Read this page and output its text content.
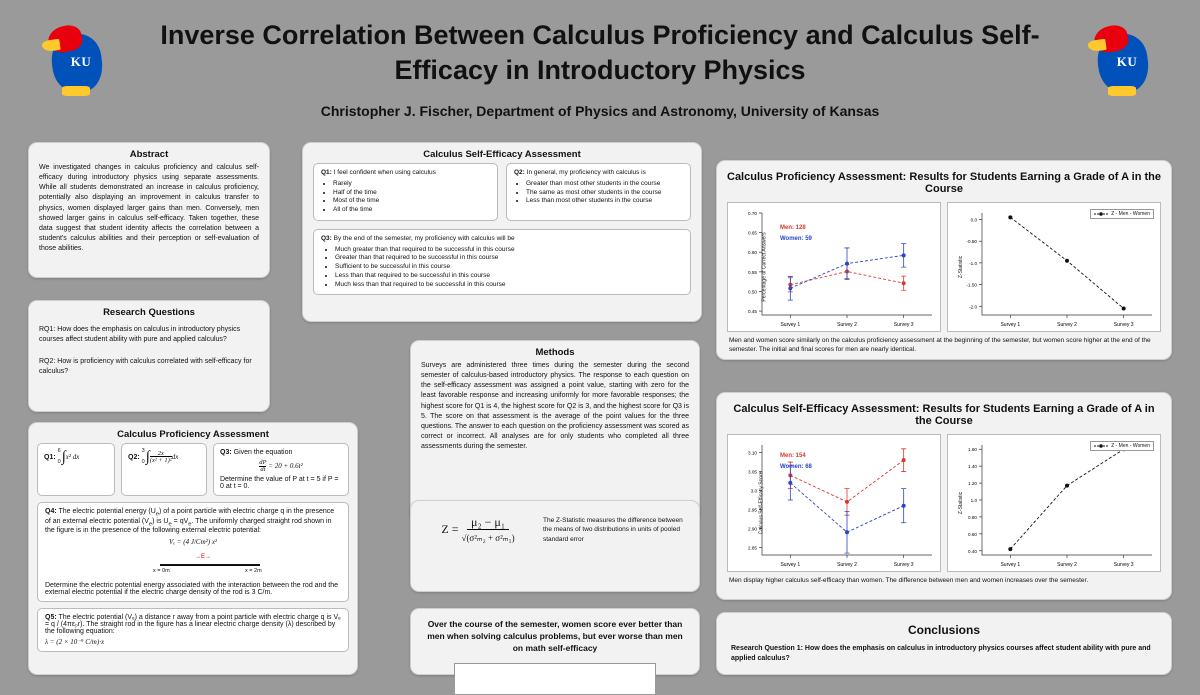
KU
Inverse Correlation Between Calculus Proficiency and Calculus Self-Efficacy in Introductory Physics
Christopher J. Fischer, Department of Physics and Astronomy, University of Kansas
KU
Abstract
We investigated changes in calculus proficiency and calculus self-efficacy during introductory physics using separate assessments. While all students demonstrated an increase in calculus proficiency, potentially also displaying an improvement in calculus transfer to physics, women displayed larger gains than men. Conversely, men showed larger gains in calculus self-efficacy. Taken together, these data suggest that student identity affects the correlation between a student's calculus abilities and their perception or self-evaluation of those abilities.
Research Questions
RQ1: How does the emphasis on calculus in introductory physics courses affect student ability with pure and applied calculus?
RQ2: How is proficiency with calculus correlated with self-efficacy for calculus?
Calculus Proficiency Assessment
Q1: 6

0∫x² dx	Q2: 3

$0\int\frac{2x}{\text{(x² + 1)²}}dx$
Q3: Given the equation
$\frac{dP}{dt} = 20 + 0.6t^2$
Determine the value of P at t = 5 if P = 0 at t = 0.
Q4: The electric potential energy $(U_e)$ of a point particle with electric charge q in the presence of an external electric potential $(V_e)$ is $U_e = qV_e$. The uniformly charged straight rod shown in the figure is in the presence of the following external electric potential:
Vₑ = (4 J/Cm²) x²
→E→
x = 0m	x = 2m
Determine the electric potential energy associated with the interaction between the rod and the external electric potential if the electric charge density of the rod is 3 C/m.
Q5: The electric potential (Vₑ) a distance r away from a point particle with electric charge q is Vₑ = q / (4πε₀r). The straight rod in the figure has a linear electric charge density (λ) described by the following equation:
λ = (2 × 10⁻⁹ C/m)·x
Calculus Self-Efficacy Assessment
Q1: I feel confident when using calculus
• Rarely
• Half of the time
• Most of the time
• All of the time
Q2: In general, my proficiency with calculus is
• Greater than most other students in the course
• The same as most other students in the course
• Less than most other students in the course
Q3: By the end of the semester, my proficiency with calculus will be
• Much greater than that required to be successful in this course
• Greater than that required to be successful in this course
• Sufficient to be successful in this course
• Less than that required to be successful in this course
• Much less than that required to be successful in this course
Methods
Surveys are administered three times during the semester during the second semester of calculus-based introductory physics. The response to each question on the self-efficacy assessment was assigned a point value, starting with zero for the least favorable response and increasing uniformly for more favorable responses; the highest score for Q1 is 4, the highest score for Q2 is 3, and the highest score for Q3 is 5. The score on that assessment is the average of the point values for the three questions. The answer to each question on the proficiency assessment was scored as correct or incorrect. All analyses are for only students who completed all three assessments during the semester.
Z = μ₂ − μ₁
√(σ²ₘ₂ + σ²ₘ₁)
The Z-Statistic measures the difference between the means of two distributions in units of pooled standard error
Over the course of the semester, women score ever better than men when solving calculus problems, but ever worse than men on math self-efficacy
Calculus Proficiency Assessment: Results for Students Earning a Grade of A in the Course
0.45
0.50
0.55
0.60
0.65
0.70
Survey 1	Survey 2	Survey 3
Percentage of Correct Answers
Men: 128
Women: 59
-2.0
-1.50
-1.0
-0.50
0.0
Survey 1	Survey 2	Survey 3
Z-Statistic
Z - Men - Women
Men and women score similarly on the calculus proficiency assessment at the beginning of the semester, but women score higher at the end of the semester. The initial and final scores for men are nearly identical.
Calculus Self-Efficacy Assessment: Results for Students Earning a Grade of A in the Course
2.85
2.90
2.95
3.0
3.05
3.10
Survey 1	Survey 2	Survey 3
Calculus Self-Efficacy Score
Men: 154
Women: 68
0.40
0.60
0.80
1.0
1.20
1.40
1.60
Survey 1	Survey 2	Survey 3
Z-Statistic
Z - Men - Women
Men display higher calculus self-efficacy than women. The difference between men and women increases over the semester.
Conclusions
Research Question 1: How does the emphasis on calculus in introductory physics courses affect student ability with pure and applied calculus?
